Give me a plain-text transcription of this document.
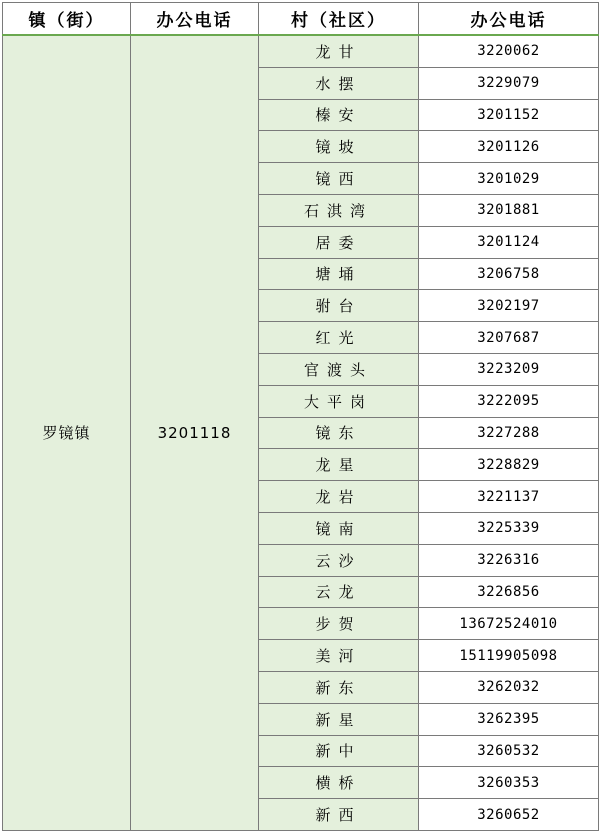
镇（街）	办公电话	村（社区）	办公电话
罗镜镇	3201118	龙甘	3220062
		水摆	3229079
		榛安	3201152
		镜坡	3201126
		镜西	3201029
		石淇湾	3201881
		居委	3201124
		塘埇	3206758
		驸台	3202197
		红光	3207687
		官渡头	3223209
		大平岗	3222095
		镜东	3227288
		龙星	3228829
		龙岩	3221137
		镜南	3225339
		云沙	3226316
		云龙	3226856
		步贺	13672524010
		美河	15119905098
		新东	3262032
		新星	3262395
		新中	3260532
		横桥	3260353
		新西	3260652
